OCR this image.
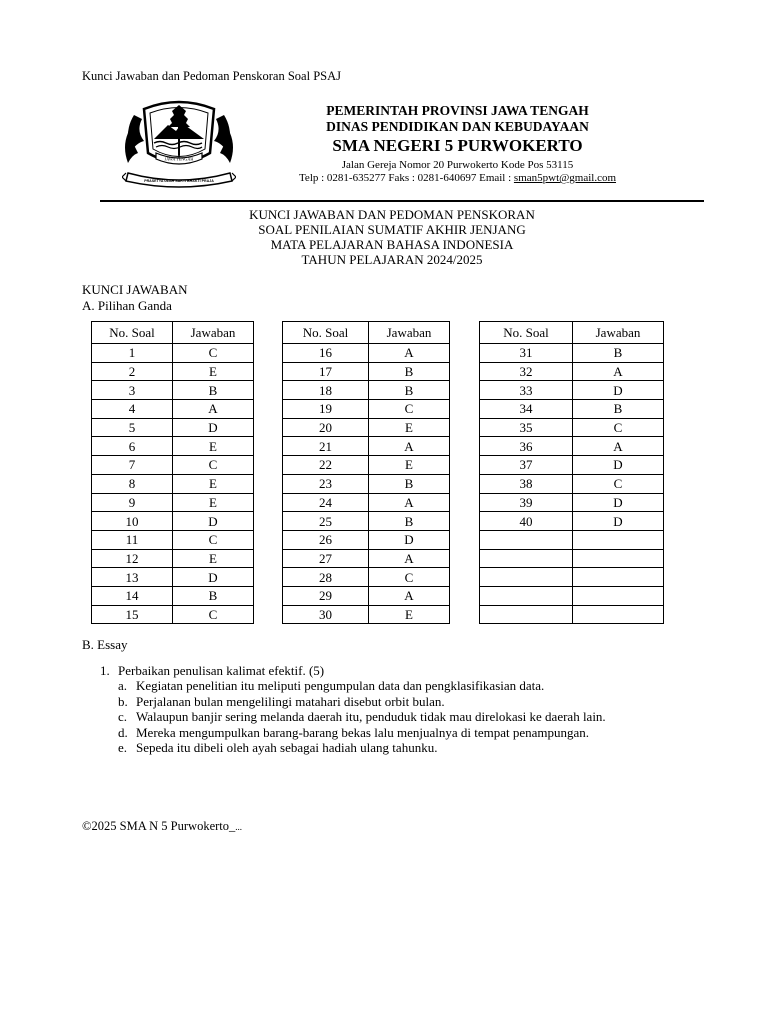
Kunci Jawaban dan Pedoman Penskoran Soal PSAJ
JAWA TENGAH
PRASETYA ULAH SAKTI BHAKTI PRAJA
PEMERINTAH PROVINSI JAWA TENGAH
DINAS PENDIDIKAN DAN KEBUDAYAAN
SMA NEGERI 5 PURWOKERTO
Jalan Gereja Nomor 20 Purwokerto Kode Pos 53115
Telp : 0281-635277 Faks : 0281-640697 Email : sman5pwt@gmail.com
KUNCI JAWABAN DAN PEDOMAN PENSKORAN
SOAL PENILAIAN SUMATIF AKHIR JENJANG
MATA PELAJARAN BAHASA INDONESIA
TAHUN PELAJARAN 2024/2025
KUNCI JAWABAN
A. Pilihan Ganda
No. Soal	Jawaban
1	C
2	E
3	B
4	A
5	D
6	E
7	C
8	E
9	E
10	D
11	C
12	E
13	D
14	B
15	C
No. Soal	Jawaban
16	A
17	B
18	B
19	C
20	E
21	A
22	E
23	B
24	A
25	B
26	D
27	A
28	C
29	A
30	E
No. Soal	Jawaban
31	B
32	A
33	D
34	B
35	C
36	A
37	D
38	C
39	D
40	D

B. Essay
1. Perbaikan penulisan kalimat efektif. (5)
a. Kegiatan penelitian itu meliputi pengumpulan data dan pengklasifikasian data.
b. Perjalanan bulan mengelilingi matahari disebut orbit bulan.
c. Walaupun banjir sering melanda daerah itu, penduduk tidak mau direlokasi ke daerah lain.
d. Mereka mengumpulkan barang-barang bekas lalu menjualnya di tempat penampungan.
e. Sepeda itu dibeli oleh ayah sebagai hadiah ulang tahunku.
©2025 SMA N 5 Purwokerto_...
